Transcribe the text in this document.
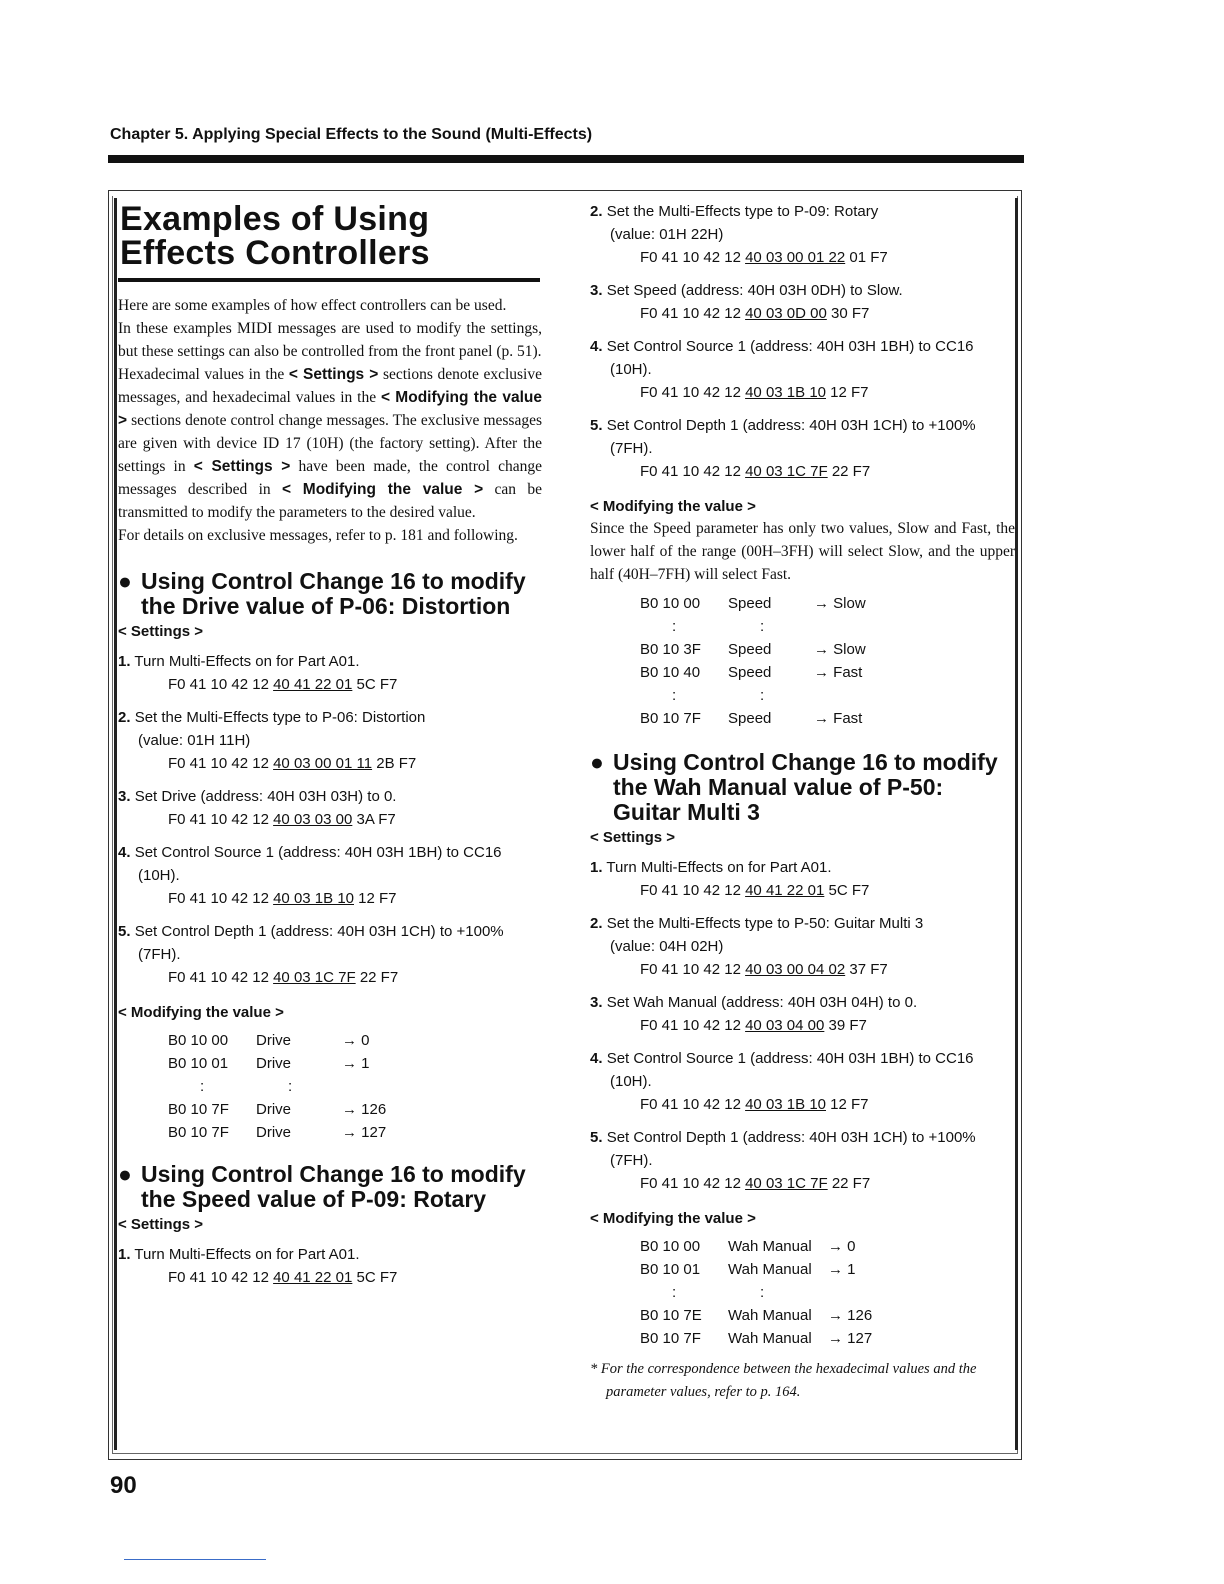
Chapter 5. Applying Special Effects to the Sound (Multi-Effects)
Examples of Using
Effects Controllers

Here are some examples of how effect controllers can be used.

In these examples MIDI messages are used to modify the settings, but these settings can also be controlled from the front panel (p. 51).

Hexadecimal values in the < Settings > sections denote exclusive messages, and hexadecimal values in the < Modifying the value > sections denote control change messages. The exclusive messages are given with device ID 17 (10H) (the factory setting). After the settings in < Settings > have been made, the control change messages described in < Modifying the value > can be transmitted to modify the parameters to the desired value.

For details on exclusive messages, refer to p. 181 and following.

● Using Control Change 16 to modify
the Drive value of P-06: Distortion
< Settings >
1. Turn Multi-Effects on for Part A01.
F0 41 10 42 12 40 41 22 01 5C F7
2. Set the Multi-Effects type to P-06: Distortion
(value: 01H 11H)
F0 41 10 42 12 40 03 00 01 11 2B F7
3. Set Drive (address: 40H 03H 03H) to 0.
F0 41 10 42 12 40 03 03 00 3A F7
4. Set Control Source 1 (address: 40H 03H 1BH) to CC16
(10H).
F0 41 10 42 12 40 03 1B 10 12 F7
5. Set Control Depth 1 (address: 40H 03H 1CH) to +100%
(7FH).
F0 41 10 42 12 40 03 1C 7F 22 F7
< Modifying the value >
B0 10 00	Drive	→ 0
B0 10 01	Drive	→ 1
:	:
B0 10 7F	Drive	→ 126
B0 10 7F	Drive	→ 127
● Using Control Change 16 to modify
the Speed value of P-09: Rotary
< Settings >
1. Turn Multi-Effects on for Part A01.
F0 41 10 42 12 40 41 22 01 5C F7
2. Set the Multi-Effects type to P-09: Rotary
(value: 01H 22H)
F0 41 10 42 12 40 03 00 01 22 01 F7
3. Set Speed (address: 40H 03H 0DH) to Slow.
F0 41 10 42 12 40 03 0D 00 30 F7
4. Set Control Source 1 (address: 40H 03H 1BH) to CC16
(10H).
F0 41 10 42 12 40 03 1B 10 12 F7
5. Set Control Depth 1 (address: 40H 03H 1CH) to +100%
(7FH).
F0 41 10 42 12 40 03 1C 7F 22 F7
< Modifying the value >

Since the Speed parameter has only two values, Slow and Fast, the lower half of the range (00H–3FH) will select Slow, and the upper half (40H–7FH) will select Fast.

B0 10 00	Speed	→ Slow
:	:
B0 10 3F	Speed	→ Slow
B0 10 40	Speed	→ Fast
:	:
B0 10 7F	Speed	→ Fast
● Using Control Change 16 to modify
the Wah Manual value of P-50:
Guitar Multi 3
< Settings >
1. Turn Multi-Effects on for Part A01.
F0 41 10 42 12 40 41 22 01 5C F7
2. Set the Multi-Effects type to P-50: Guitar Multi 3
(value: 04H 02H)
F0 41 10 42 12 40 03 00 04 02 37 F7
3. Set Wah Manual (address: 40H 03H 04H) to 0.
F0 41 10 42 12 40 03 04 00 39 F7
4. Set Control Source 1 (address: 40H 03H 1BH) to CC16
(10H).
F0 41 10 42 12 40 03 1B 10 12 F7
5. Set Control Depth 1 (address: 40H 03H 1CH) to +100%
(7FH).
F0 41 10 42 12 40 03 1C 7F 22 F7
< Modifying the value >
B0 10 00	Wah Manual	→ 0
B0 10 01	Wah Manual	→ 1
:	:
B0 10 7E	Wah Manual	→ 126
B0 10 7F	Wah Manual	→ 127

* For the correspondence between the hexadecimal values and the parameter values, refer to p. 164.

90
